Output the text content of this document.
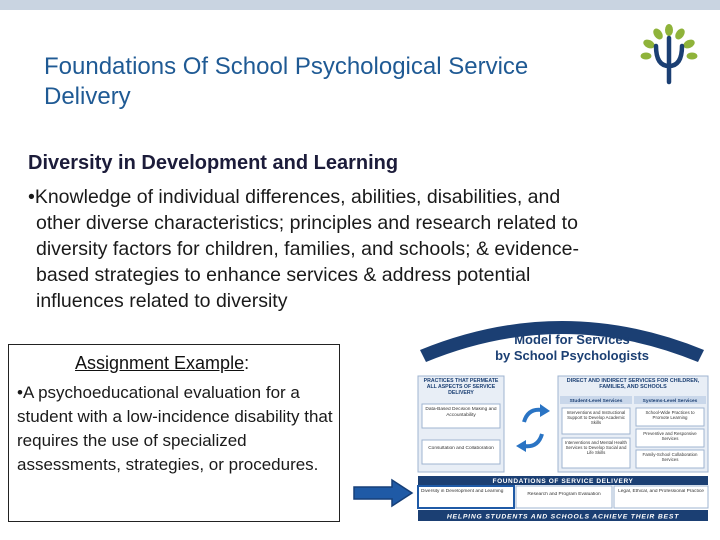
Foundations Of School Psychological Service Delivery
Diversity in Development and Learning
•Knowledge of individual differences, abilities, disabilities, and
other diverse characteristics; principles and research related to
diversity factors for children, families, and schools; & evidence-
based strategies to enhance services & address potential
influences related to diversity
Assignment Example:
•A psychoeducational evaluation for a student with a low-incidence disability that requires the use of specialized assessments, strategies, or procedures.
NATIONAL ASSOCIATION OF SCHOOL PSYCHOLOGISTS
Model for Services
by School Psychologists
PRACTICES THAT PERMEATE ALL ASPECTS OF SERVICE DELIVERY
Data-Based Decision Making and Accountability
Consultation and Collaboration
DIRECT AND INDIRECT SERVICES FOR CHILDREN, FAMILIES, AND SCHOOLS
Student-Level Services	Systems-Level Services
Interventions and Instructional Support to Develop Academic Skills
Interventions and Mental Health Services to Develop Social and Life Skills
School-Wide Practices to Promote Learning
Preventive and Responsive Services
Family-School Collaboration Services
FOUNDATIONS OF SERVICE DELIVERY
Diversity in Development and Learning
Research and Program Evaluation
Legal, Ethical, and Professional Practice
HELPING STUDENTS AND SCHOOLS ACHIEVE THEIR BEST
